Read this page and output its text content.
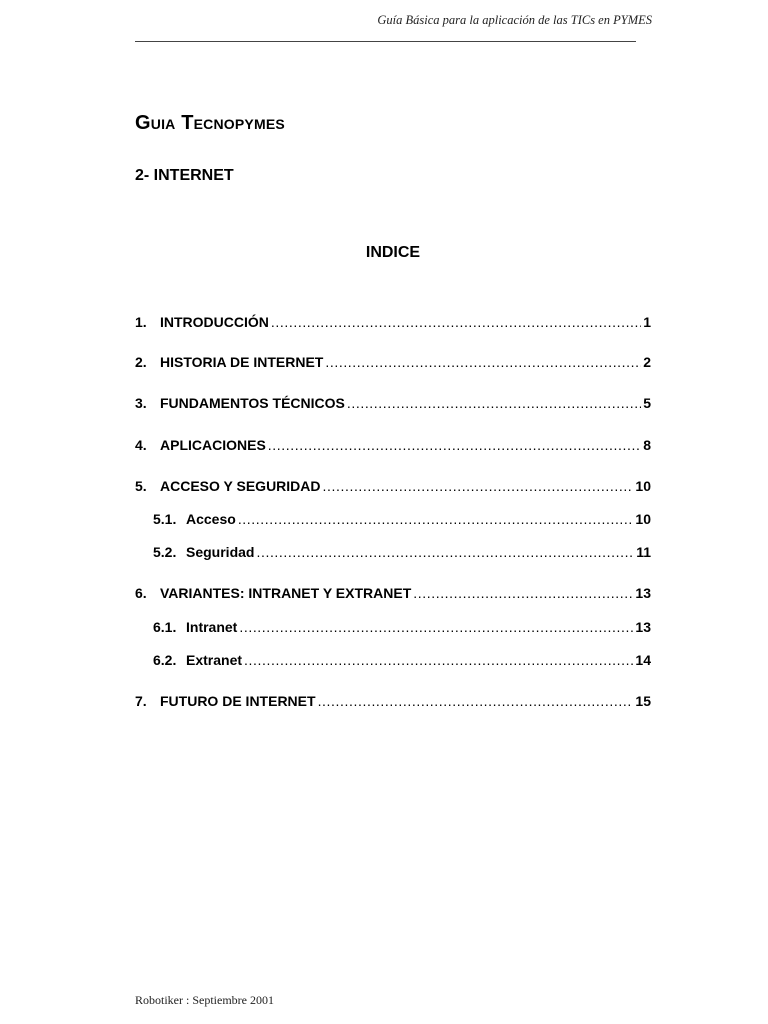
Guía Básica para la aplicación de las TICs en PYMES
Guia Tecnopymes
2- INTERNET
INDICE
1. INTRODUCCIÓN .....	1
2. HISTORIA DE INTERNET .....	2
3. FUNDAMENTOS TÉCNICOS .....	5
4. APLICACIONES .....	8
5. ACCESO Y SEGURIDAD .....	10
5.1. Acceso .....	10
5.2. Seguridad .....	11
6. VARIANTES: INTRANET Y EXTRANET .....	13
6.1. Intranet .....	13
6.2. Extranet .....	14
7. FUTURO DE INTERNET .....	15
Robotiker : Septiembre 2001
